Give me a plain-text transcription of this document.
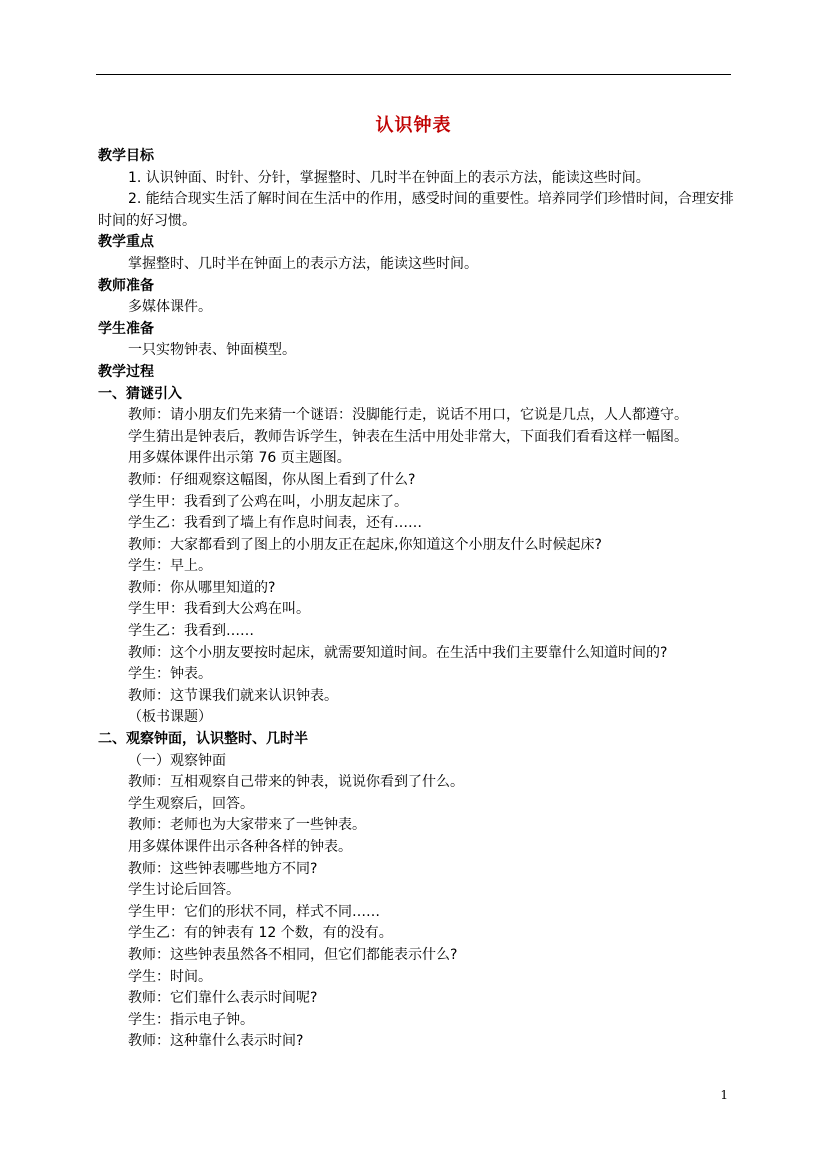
认识钟表
教学目标
1. 认识钟面、时针、分针，掌握整时、几时半在钟面上的表示方法，能读这些时间。
2. 能结合现实生活了解时间在生活中的作用，感受时间的重要性。培养同学们珍惜时间，合理安排时间的好习惯。
教学重点
掌握整时、几时半在钟面上的表示方法，能读这些时间。
教师准备
多媒体课件。
学生准备
一只实物钟表、钟面模型。
教学过程
一、猜谜引入
教师：请小朋友们先来猜一个谜语：没脚能行走，说话不用口，它说是几点，人人都遵守。
学生猜出是钟表后，教师告诉学生，钟表在生活中用处非常大，下面我们看看这样一幅图。
用多媒体课件出示第 76 页主题图。
教师：仔细观察这幅图，你从图上看到了什么?
学生甲：我看到了公鸡在叫，小朋友起床了。
学生乙：我看到了墙上有作息时间表，还有……
教师：大家都看到了图上的小朋友正在起床,你知道这个小朋友什么时候起床?
学生：早上。
教师：你从哪里知道的?
学生甲：我看到大公鸡在叫。
学生乙：我看到……
教师：这个小朋友要按时起床，就需要知道时间。在生活中我们主要靠什么知道时间的?
学生：钟表。
教师：这节课我们就来认识钟表。
（板书课题）
二、观察钟面，认识整时、几时半
（一）观察钟面
教师：互相观察自己带来的钟表，说说你看到了什么。
学生观察后，回答。
教师：老师也为大家带来了一些钟表。
用多媒体课件出示各种各样的钟表。
教师：这些钟表哪些地方不同?
学生讨论后回答。
学生甲：它们的形状不同，样式不同……
学生乙：有的钟表有 12 个数，有的没有。
教师：这些钟表虽然各不相同，但它们都能表示什么?
学生：时间。
教师：它们靠什么表示时间呢?
学生：指示电子钟。
教师：这种靠什么表示时间?
1
